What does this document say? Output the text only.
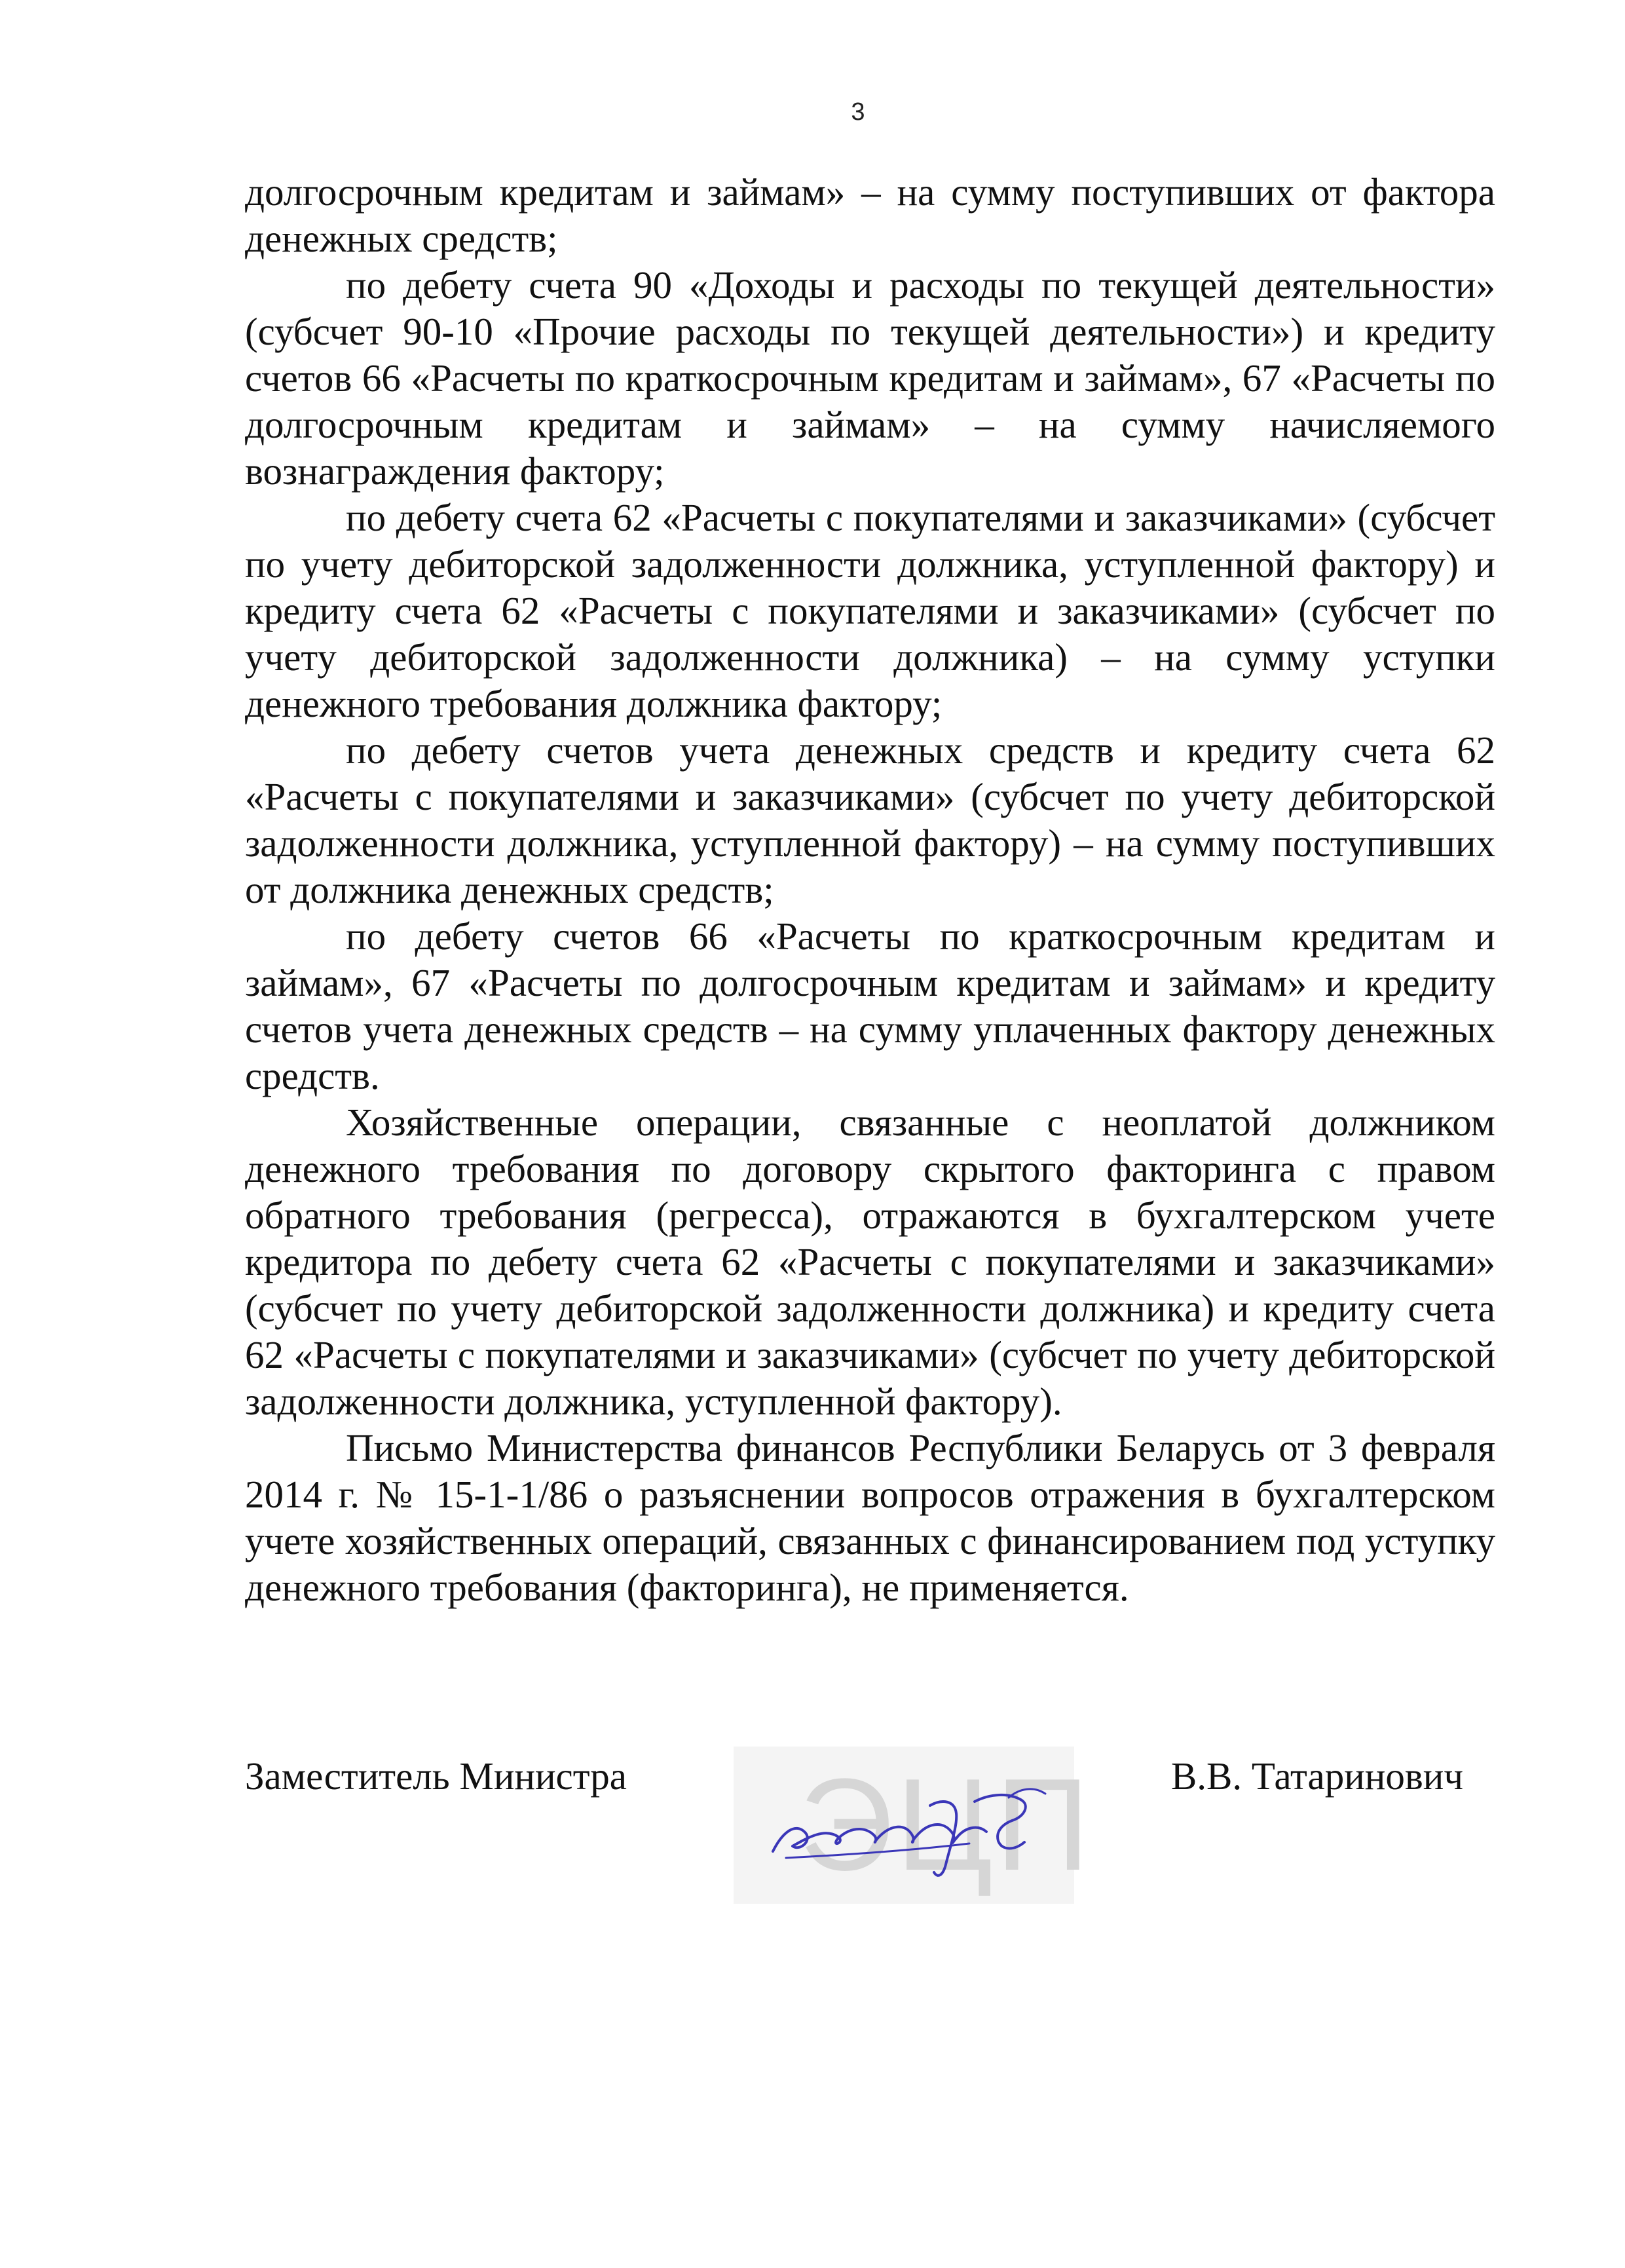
3

долгосрочным кредитам и займам» – на сумму поступивших от фактора денежных средств;

по дебету счета 90 «Доходы и расходы по текущей деятельности» (субсчет 90-10 «Прочие расходы по текущей деятельности») и кредиту счетов 66 «Расчеты по краткосрочным кредитам и займам», 67 «Расчеты по долгосрочным кредитам и займам» – на сумму начисляемого вознаграждения фактору;

по дебету счета 62 «Расчеты с покупателями и заказчиками» (субсчет по учету дебиторской задолженности должника, уступленной фактору) и кредиту счета 62 «Расчеты с покупателями и заказчиками» (субсчет по учету дебиторской задолженности должника) – на сумму уступки денежного требования должника фактору;

по дебету счетов учета денежных средств и кредиту счета 62 «Расчеты с покупателями и заказчиками» (субсчет по учету дебиторской задолженности должника, уступленной фактору) – на сумму поступивших от должника денежных средств;

по дебету счетов 66 «Расчеты по краткосрочным кредитам и займам», 67 «Расчеты по долгосрочным кредитам и займам» и кредиту счетов учета денежных средств – на сумму уплаченных фактору денежных средств.

Хозяйственные операции, связанные с неоплатой должником денежного требования по договору скрытого факторинга с правом обратного требования (регресса), отражаются в бухгалтерском учете кредитора по дебету счета 62 «Расчеты с покупателями и заказчиками» (субсчет по учету дебиторской задолженности должника) и кредиту счета 62 «Расчеты с покупателями и заказчиками» (субсчет по учету дебиторской задолженности должника, уступленной фактору).

Письмо Министерства финансов Республики Беларусь от 3 февраля 2014 г. № 15-1-1/86 о разъяснении вопросов отражения в бухгалтерском учете хозяйственных операций, связанных с финансированием под уступку денежного требования (факторинга), не применяется.

Заместитель Министра ЭЦП В.В. Татаринович
